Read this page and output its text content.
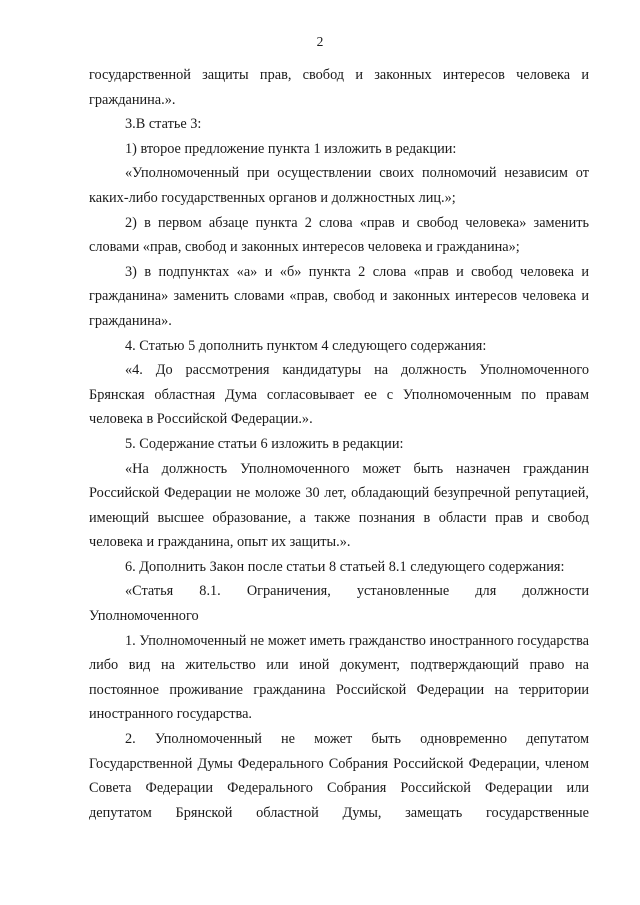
2

государственной защиты прав, свобод и законных интересов человека и гражданина.».

3.В статье 3:

1) второе предложение пункта 1 изложить в редакции:

«Уполномоченный при осуществлении своих полномочий независим от каких-либо государственных органов и должностных лиц.»;

2) в первом абзаце пункта 2 слова «прав и свобод человека» заменить словами «прав, свобод и законных интересов человека и гражданина»;

3) в подпунктах «а» и «б» пункта 2 слова «прав и свобод человека и гражданина» заменить словами «прав, свобод и законных интересов человека и гражданина».

4. Статью 5 дополнить пунктом 4 следующего содержания:

«4. До рассмотрения кандидатуры на должность Уполномоченного Брянская областная Дума согласовывает ее с Уполномоченным по правам человека в Российской Федерации.».

5. Содержание статьи 6 изложить в редакции:

«На должность Уполномоченного может быть назначен гражданин Российской Федерации не моложе 30 лет, обладающий безупречной репутацией, имеющий высшее образование, а также познания в области прав и свобод человека и гражданина, опыт их защиты.».

6. Дополнить Закон после статьи 8 статьей 8.1 следующего содержания:

«Статья 8.1. Ограничения, установленные для должности Уполномоченного

1. Уполномоченный не может иметь гражданство иностранного государства либо вид на жительство или иной документ, подтверждающий право на постоянное проживание гражданина Российской Федерации на территории иностранного государства.

2. Уполномоченный не может быть одновременно депутатом Государственной Думы Федерального Собрания Российской Федерации, членом Совета Федерации Федерального Собрания Российской Федерации или депутатом Брянской областной Думы, замещать государственные
